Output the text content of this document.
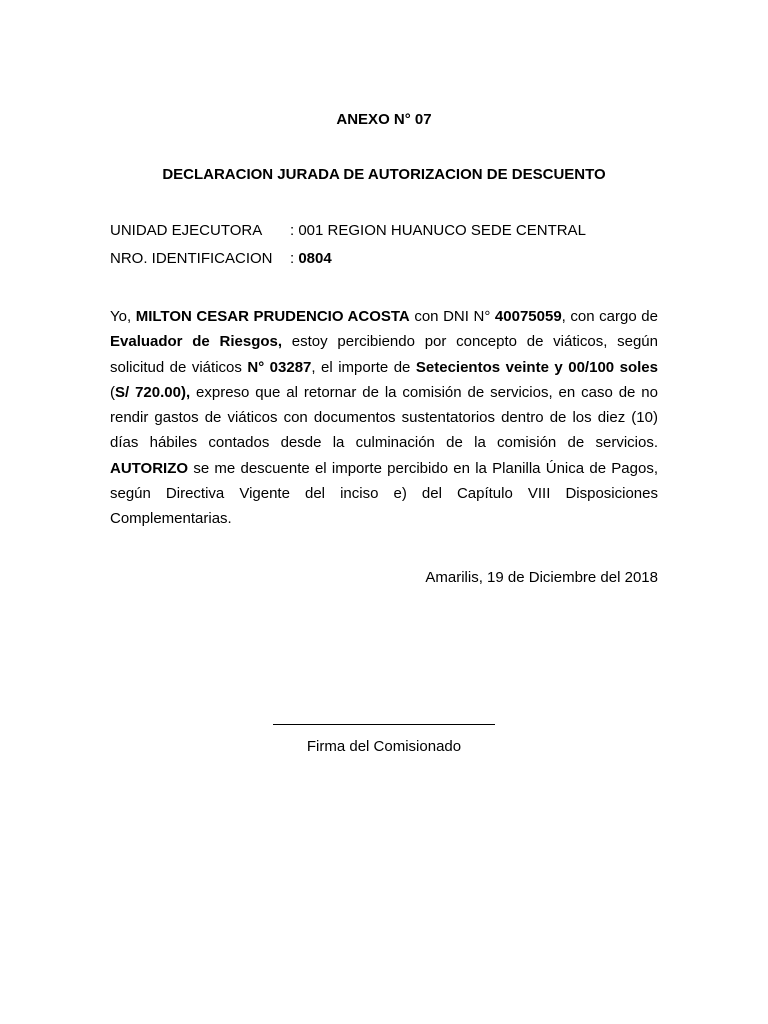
ANEXO N° 07
DECLARACION JURADA DE AUTORIZACION DE DESCUENTO
UNIDAD EJECUTORA : 001 REGION HUANUCO SEDE CENTRAL
NRO. IDENTIFICACION : 0804
Yo, MILTON CESAR PRUDENCIO ACOSTA con DNI N° 40075059, con cargo de Evaluador de Riesgos, estoy percibiendo por concepto de viáticos, según solicitud de viáticos N° 03287, el importe de Setecientos veinte y 00/100 soles (S/ 720.00), expreso que al retornar de la comisión de servicios, en caso de no rendir gastos de viáticos con documentos sustentatorios dentro de los diez (10) días hábiles contados desde la culminación de la comisión de servicios. AUTORIZO se me descuente el importe percibido en la Planilla Única de Pagos, según Directiva Vigente del inciso e) del Capítulo VIII Disposiciones Complementarias.
Amarilis, 19 de Diciembre del 2018
Firma del Comisionado
